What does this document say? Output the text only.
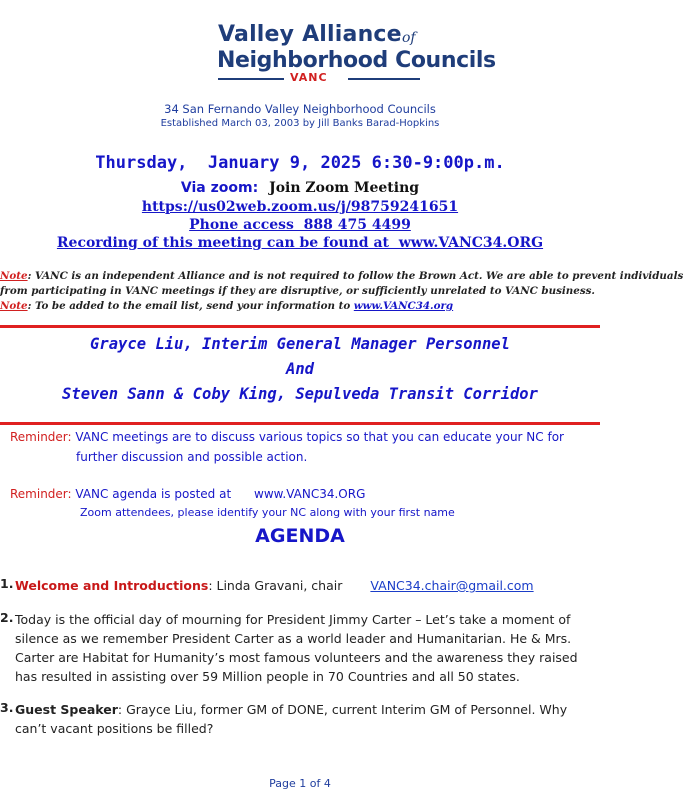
Valley Alliance of
Neighborhood Councils
VANC
34 San Fernando Valley Neighborhood Councils
Established March 03, 2003 by Jill Banks Barad-Hopkins
Thursday,  January 9, 2025 6:30-9:00p.m.
Via zoom: Join Zoom Meeting
https://us02web.zoom.us/j/98759241651
Phone access  888 475 4499
Recording of this meeting can be found at  www.VANC34.ORG
Note: VANC is an independent Alliance and is not required to follow the Brown Act. We are able to prevent individuals
from participating in VANC meetings if they are disruptive, or sufficiently unrelated to VANC business.
Note: To be added to the email list, send your information to www.VANC34.org
Grayce Liu, Interim General Manager Personnel
And
Steven Sann & Coby King, Sepulveda Transit Corridor
Reminder: VANC meetings are to discuss various topics so that you can educate your NC for
further discussion and possible action.
Reminder: VANC agenda is posted at      www.VANC34.ORG
Zoom attendees, please identify your NC along with your first name
AGENDA
1. Welcome and Introductions: Linda Gravani, chair VANC34.chair@gmail.com
2. Today is the official day of mourning for President Jimmy Carter – Let’s take a moment of
silence as we remember President Carter as a world leader and Humanitarian. He & Mrs.
Carter are Habitat for Humanity’s most famous volunteers and the awareness they raised
has resulted in assisting over 59 Million people in 70 Countries and all 50 states.
3. Guest Speaker: Grayce Liu, former GM of DONE, current Interim GM of Personnel. Why
can’t vacant positions be filled?
Page 1 of 4
